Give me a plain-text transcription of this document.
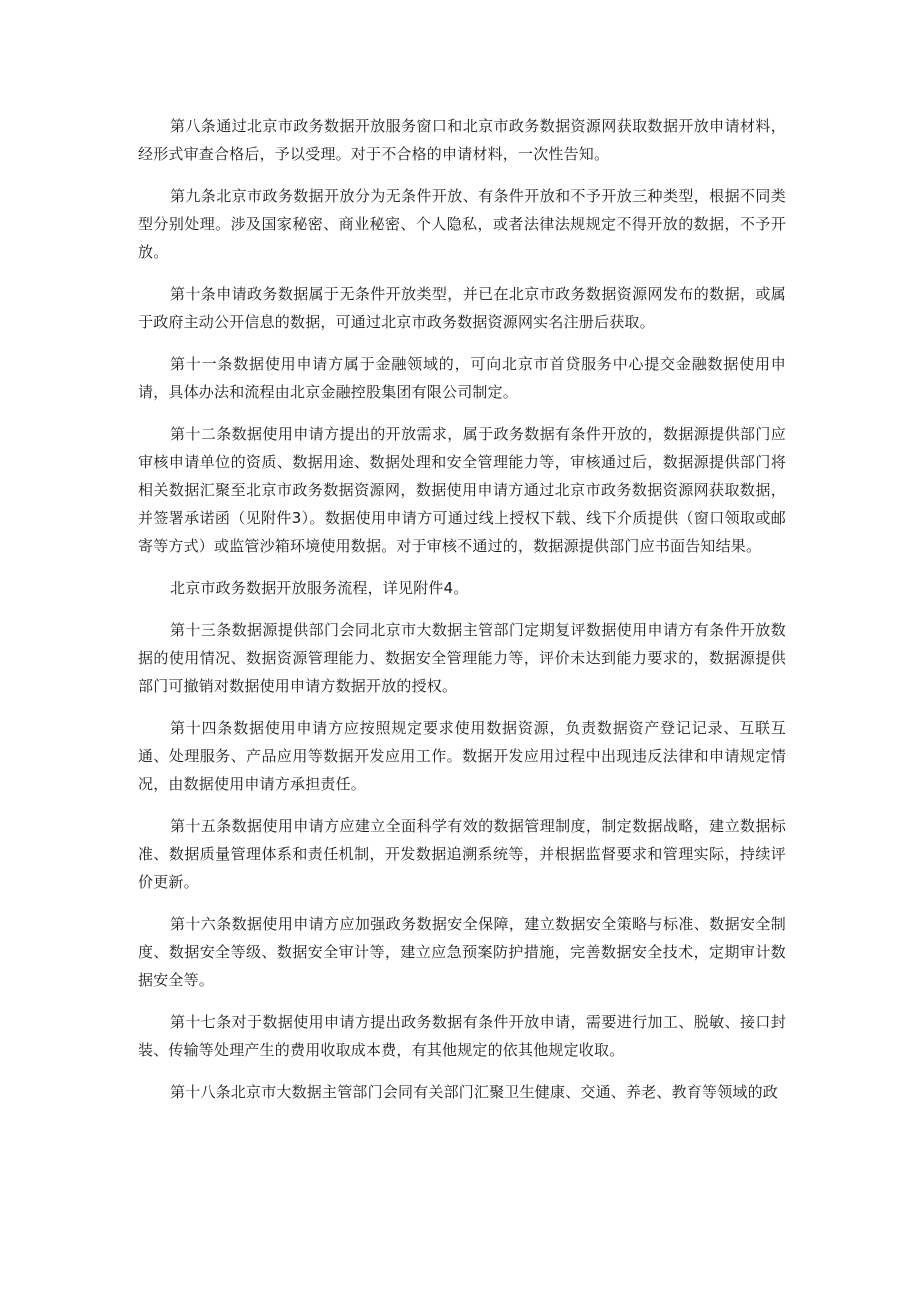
第八条通过北京市政务数据开放服务窗口和北京市政务数据资源网获取数据开放申请材料，经形式审查合格后，予以受理。对于不合格的申请材料，一次性告知。

第九条北京市政务数据开放分为无条件开放、有条件开放和不予开放三种类型，根据不同类型分别处理。涉及国家秘密、商业秘密、个人隐私，或者法律法规规定不得开放的数据，不予开放。

第十条申请政务数据属于无条件开放类型，并已在北京市政务数据资源网发布的数据，或属于政府主动公开信息的数据，可通过北京市政务数据资源网实名注册后获取。

第十一条数据使用申请方属于金融领域的，可向北京市首贷服务中心提交金融数据使用申请，具体办法和流程由北京金融控股集团有限公司制定。

第十二条数据使用申请方提出的开放需求，属于政务数据有条件开放的，数据源提供部门应审核申请单位的资质、数据用途、数据处理和安全管理能力等，审核通过后，数据源提供部门将相关数据汇聚至北京市政务数据资源网，数据使用申请方通过北京市政务数据资源网获取数据，并签署承诺函（见附件3）。数据使用申请方可通过线上授权下载、线下介质提供（窗口领取或邮寄等方式）或监管沙箱环境使用数据。对于审核不通过的，数据源提供部门应书面告知结果。

北京市政务数据开放服务流程，详见附件4。

第十三条数据源提供部门会同北京市大数据主管部门定期复评数据使用申请方有条件开放数据的使用情况、数据资源管理能力、数据安全管理能力等，评价未达到能力要求的，数据源提供部门可撤销对数据使用申请方数据开放的授权。

第十四条数据使用申请方应按照规定要求使用数据资源，负责数据资产登记记录、互联互通、处理服务、产品应用等数据开发应用工作。数据开发应用过程中出现违反法律和申请规定情况，由数据使用申请方承担责任。

第十五条数据使用申请方应建立全面科学有效的数据管理制度，制定数据战略，建立数据标准、数据质量管理体系和责任机制，开发数据追溯系统等，并根据监督要求和管理实际，持续评价更新。

第十六条数据使用申请方应加强政务数据安全保障，建立数据安全策略与标准、数据安全制度、数据安全等级、数据安全审计等，建立应急预案防护措施，完善数据安全技术，定期审计数据安全等。

第十七条对于数据使用申请方提出政务数据有条件开放申请，需要进行加工、脱敏、接口封装、传输等处理产生的费用收取成本费，有其他规定的依其他规定收取。

第十八条北京市大数据主管部门会同有关部门汇聚卫生健康、交通、养老、教育等领域的政
